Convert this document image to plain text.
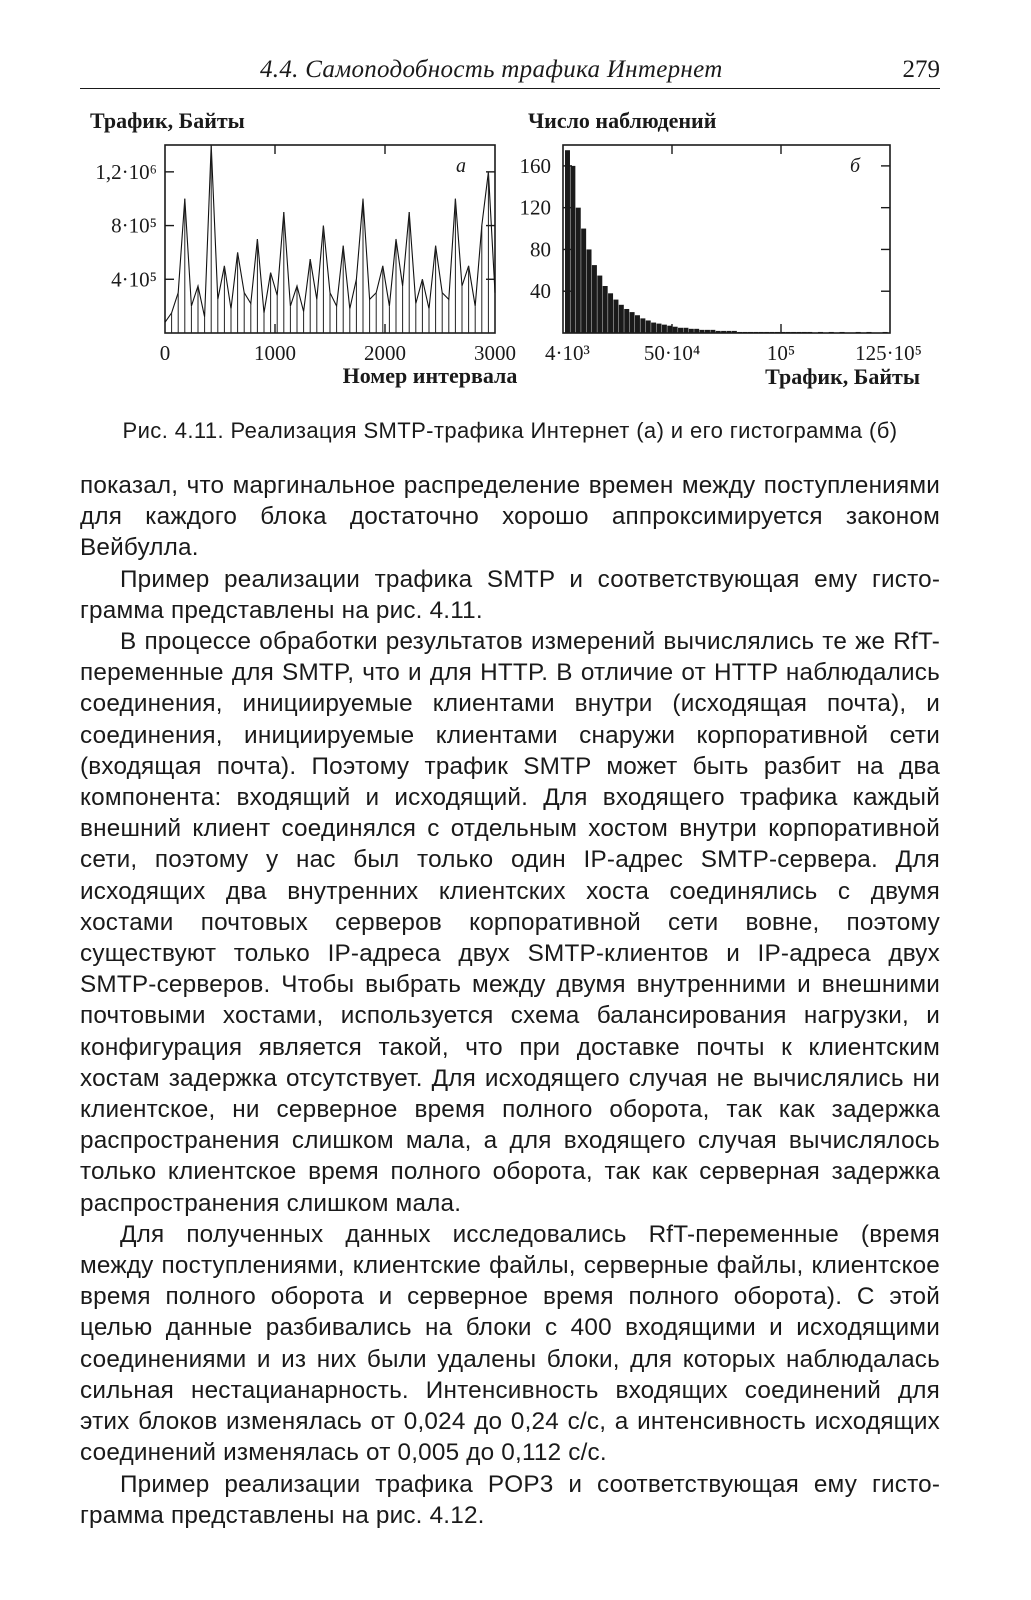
4.4. Самоподобность трафика Интернет	279
Трафик, Байты
4·10⁵
8·10⁵
1,2·10⁶
0	1000	2000	3000
а
Номер интервала
Число наблюдений
40
80
120
160
4·10³	50·10⁴	10⁵	125·10⁵
б
Трафик, Байты
Рис. 4.11. Реализация SMTP-трафика Интернет (а) и его гистограмма (б)

показал, что маргинальное распределение времен между поступлениями для каждого блока достаточно хорошо аппроксимируется законом Вейбулла.

Пример реализации трафика SMTP и соответствующая ему гистограмма представлены на рис. 4.11.

В процессе обработки результатов измерений вычислялись те же RfT-переменные для SMTP, что и для HTTP. В отличие от HTTP наблюдались соединения, инициируемые клиентами внутри (исходящая почта), и соединения, инициируемые клиентами снаружи корпоративной сети (входящая почта). Поэтому трафик SMTP может быть разбит на два компонента: входящий и исходящий. Для входящего трафика каждый внешний клиент соединялся с отдельным хостом внутри корпоративной сети, поэтому у нас был только один IP-адрес SMTP-сервера. Для исходящих два внутренних клиентских хоста соединялись с двумя хостами почтовых серверов корпоративной сети вовне, поэтому существуют только IP-адреса двух SMTP-клиентов и IP-адреса двух SMTP-серверов. Чтобы выбрать между двумя внутренними и внешними почтовыми хостами, используется схема балансирования нагрузки, и конфигурация является такой, что при доставке почты к клиентским хостам задержка отсутствует. Для исходящего случая не вычислялись ни клиентское, ни серверное время полного оборота, так как задержка распространения слишком мала, а для входящего случая вычислялось только клиентское время полного оборота, так как серверная задержка распространения слишком мала.

Для полученных данных исследовались RfT-переменные (время между поступлениями, клиентские файлы, серверные файлы, клиентское время полного оборота и серверное время полного оборота). С этой целью данные разбивались на блоки с 400 входящими и исходящими соединениями и из них были удалены блоки, для которых наблюдалась сильная нестацианарность. Интенсивность входящих соединений для этих блоков изменялась от 0,024 до 0,24 с/с, а интенсивность исходящих соединений изменялась от 0,005 до 0,112 с/с.

Пример реализации трафика POP3 и соответствующая ему гистограмма представлены на рис. 4.12.
